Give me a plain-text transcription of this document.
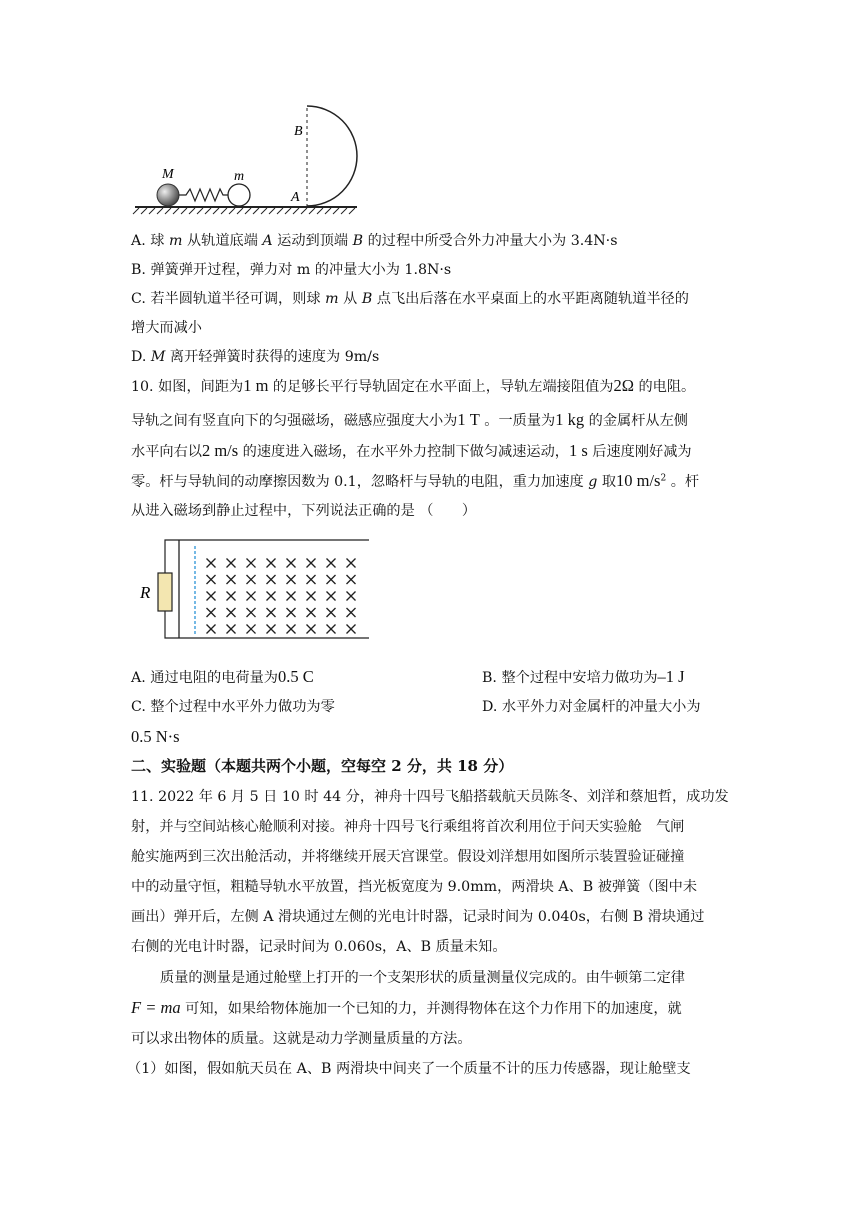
M	m
A
B
A. 球 m 从轨道底端 A 运动到顶端 B 的过程中所受合外力冲量大小为 3.4N·s
B. 弹簧弹开过程，弹力对 m 的冲量大小为 1.8N·s
C. 若半圆轨道半径可调，则球 m 从 B 点飞出后落在水平桌面上的水平距离随轨道半径的
增大而减小
D. M 离开轻弹簧时获得的速度为 9m/s
10. 如图，间距为1 m 的足够长平行导轨固定在水平面上，导轨左端接阻值为2Ω 的电阻。
导轨之间有竖直向下的匀强磁场，磁感应强度大小为1 T 。一质量为1 kg 的金属杆从左侧
水平向右以2 m/s 的速度进入磁场，在水平外力控制下做匀减速运动，1 s 后速度刚好减为
零。杆与导轨间的动摩擦因数为 0.1，忽略杆与导轨的电阻，重力加速度 g 取10 $m/s^2$ 。杆
从进入磁场到静止过程中，下列说法正确的是 （　　）
R
A. 通过电阻的电荷量为0.5 C	B. 整个过程中安培力做功为–1 J
C. 整个过程中水平外力做功为零	D. 水平外力对金属杆的冲量大小为
0.5 N·s
二、实验题（本题共两个小题，空每空 2 分，共 18 分）
11. 2022 年 6 月 5 日 10 时 44 分，神舟十四号飞船搭载航天员陈冬、刘洋和蔡旭哲，成功发
射，并与空间站核心舱顺利对接。神舟十四号飞行乘组将首次利用位于问天实验舱　气闸
舱实施两到三次出舱活动，并将继续开展天宫课堂。假设刘洋想用如图所示装置验证碰撞
中的动量守恒，粗糙导轨水平放置，挡光板宽度为 9.0mm，两滑块 A、B 被弹簧（图中未
画出）弹开后，左侧 A 滑块通过左侧的光电计时器，记录时间为 0.040s，右侧 B 滑块通过
右侧的光电计时器，记录时间为 0.060s，A、B 质量未知。
质量的测量是通过舱壁上打开的一个支架形状的质量测量仪完成的。由牛顿第二定律
F = ma 可知，如果给物体施加一个已知的力，并测得物体在这个力作用下的加速度，就
可以求出物体的质量。这就是动力学测量质量的方法。
（1）如图，假如航天员在 A、B 两滑块中间夹了一个质量不计的压力传感器，现让舱壁支
